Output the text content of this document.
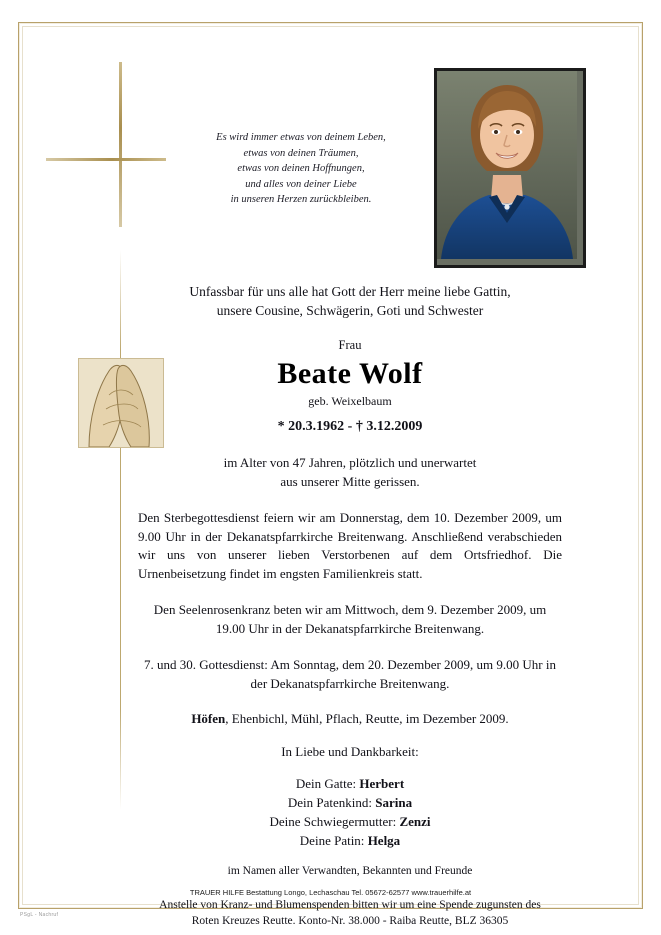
Es wird immer etwas von deinem Leben,
etwas von deinen Träumen,
etwas von deinen Hoffnungen,
und alles von deiner Liebe
in unseren Herzen zurückbleiben.
Unfassbar für uns alle hat Gott der Herr meine liebe Gattin,
unsere Cousine, Schwägerin, Goti und Schwester
Frau
Beate Wolf
geb. Weixelbaum
* 20.3.1962 - † 3.12.2009
im Alter von 47 Jahren, plötzlich und unerwartet
aus unserer Mitte gerissen.
Den Sterbegottesdienst feiern wir am Donnerstag, dem 10. Dezember 2009, um 9.00 Uhr in der Dekanatspfarrkirche Breitenwang. Anschließend verabschieden wir uns von unserer lieben Verstorbenen auf dem Ortsfriedhof. Die Urnenbeisetzung findet im engsten Familienkreis statt.
Den Seelenrosenkranz beten wir am Mittwoch, dem 9. Dezember 2009, um 19.00 Uhr in der Dekanatspfarrkirche Breitenwang.
7. und 30. Gottesdienst: Am Sonntag, dem 20. Dezember 2009, um 9.00 Uhr in der Dekanatspfarrkirche Breitenwang.
Höfen, Ehenbichl, Mühl, Pflach, Reutte, im Dezember 2009.
In Liebe und Dankbarkeit:
Dein Gatte: Herbert
Dein Patenkind: Sarina
Deine Schwiegermutter: Zenzi
Deine Patin: Helga
im Namen aller Verwandten, Bekannten und Freunde
Anstelle von Kranz- und Blumenspenden bitten wir um eine Spende zugunsten des
Roten Kreuzes Reutte. Konto-Nr. 38.000 - Raiba Reutte, BLZ 36305
TRAUER HILFE Bestattung Longo, Lechaschau Tel. 05672-62577 www.trauerhilfe.at
PSgL - Nachruf
